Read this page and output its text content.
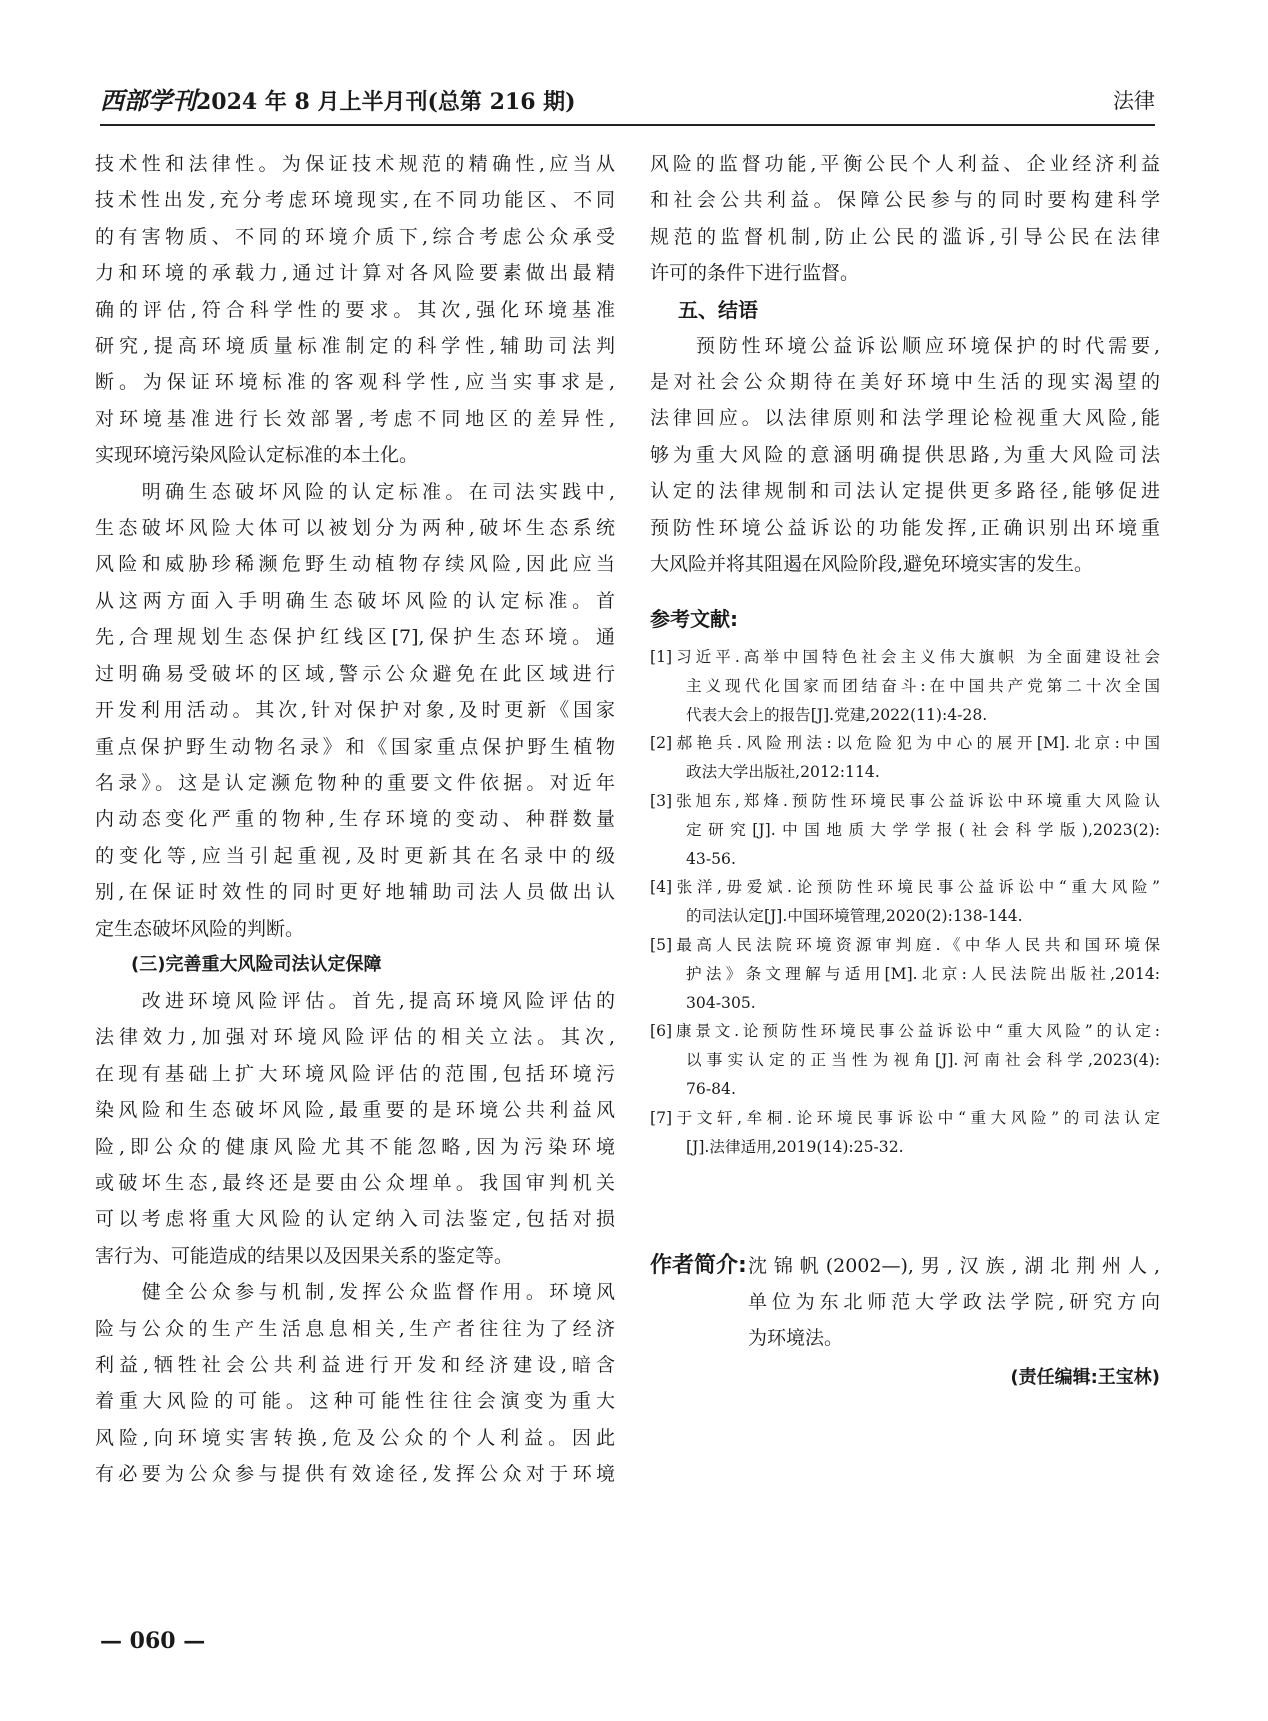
西部学刊2024 年 8 月上半月刊(总第 216 期)	法律
技术性和法律性。为保证技术规范的精确性,应当从
技术性出发,充分考虑环境现实,在不同功能区、不同
的有害物质、不同的环境介质下,综合考虑公众承受
力和环境的承载力,通过计算对各风险要素做出最精
确的评估,符合科学性的要求。其次,强化环境基准
研究,提高环境质量标准制定的科学性,辅助司法判
断。为保证环境标准的客观科学性,应当实事求是,
对环境基准进行长效部署,考虑不同地区的差异性,
实现环境污染风险认定标准的本土化。
　　明确生态破坏风险的认定标准。在司法实践中,
生态破坏风险大体可以被划分为两种,破坏生态系统
风险和威胁珍稀濒危野生动植物存续风险,因此应当
从这两方面入手明确生态破坏风险的认定标准。首
先,合理规划生态保护红线区[7],保护生态环境。通
过明确易受破坏的区域,警示公众避免在此区域进行
开发利用活动。其次,针对保护对象,及时更新《国家
重点保护野生动物名录》和《国家重点保护野生植物
名录》。这是认定濒危物种的重要文件依据。对近年
内动态变化严重的物种,生存环境的变动、种群数量
的变化等,应当引起重视,及时更新其在名录中的级
别,在保证时效性的同时更好地辅助司法人员做出认
定生态破坏风险的判断。
(三)完善重大风险司法认定保障
　　改进环境风险评估。首先,提高环境风险评估的
法律效力,加强对环境风险评估的相关立法。其次,
在现有基础上扩大环境风险评估的范围,包括环境污
染风险和生态破坏风险,最重要的是环境公共利益风
险,即公众的健康风险尤其不能忽略,因为污染环境
或破坏生态,最终还是要由公众埋单。我国审判机关
可以考虑将重大风险的认定纳入司法鉴定,包括对损
害行为、可能造成的结果以及因果关系的鉴定等。
　　健全公众参与机制,发挥公众监督作用。环境风
险与公众的生产生活息息相关,生产者往往为了经济
利益,牺牲社会公共利益进行开发和经济建设,暗含
着重大风险的可能。这种可能性往往会演变为重大
风险,向环境实害转换,危及公众的个人利益。因此
有必要为公众参与提供有效途径,发挥公众对于环境
风险的监督功能,平衡公民个人利益、企业经济利益
和社会公共利益。保障公民参与的同时要构建科学
规范的监督机制,防止公民的滥诉,引导公民在法律
许可的条件下进行监督。
五、结语
　　预防性环境公益诉讼顺应环境保护的时代需要,
是对社会公众期待在美好环境中生活的现实渴望的
法律回应。以法律原则和法学理论检视重大风险,能
够为重大风险的意涵明确提供思路,为重大风险司法
认定的法律规制和司法认定提供更多路径,能够促进
预防性环境公益诉讼的功能发挥,正确识别出环境重
大风险并将其阻遏在风险阶段,避免环境实害的发生。
参考文献:
[1]习近平.高举中国特色社会主义伟大旗帜 为全面建设社会
主义现代化国家而团结奋斗:在中国共产党第二十次全国
代表大会上的报告[J].党建,2022(11):4-28.
[2]郝艳兵.风险刑法:以危险犯为中心的展开[M].北京:中国
政法大学出版社,2012:114.
[3]张旭东,郑烽.预防性环境民事公益诉讼中环境重大风险认
定研究[J].中国地质大学学报(社会科学版),2023(2):
43-56.
[4]张洋,毋爱斌.论预防性环境民事公益诉讼中“重大风险”
的司法认定[J].中国环境管理,2020(2):138-144.
[5]最高人民法院环境资源审判庭.《中华人民共和国环境保
护法》条文理解与适用[M].北京:人民法院出版社,2014:
304-305.
[6]康景文.论预防性环境民事公益诉讼中“重大风险”的认定:
以事实认定的正当性为视角[J].河南社会科学,2023(4):
76-84.
[7]于文轩,牟桐.论环境民事诉讼中“重大风险”的司法认定
[J].法律适用,2019(14):25-32.
作者简介: 沈锦帆(2002—),男,汉族,湖北荆州人,
单位为东北师范大学政法学院,研究方向
为环境法。
(责任编辑:王宝林)
— 060 —
